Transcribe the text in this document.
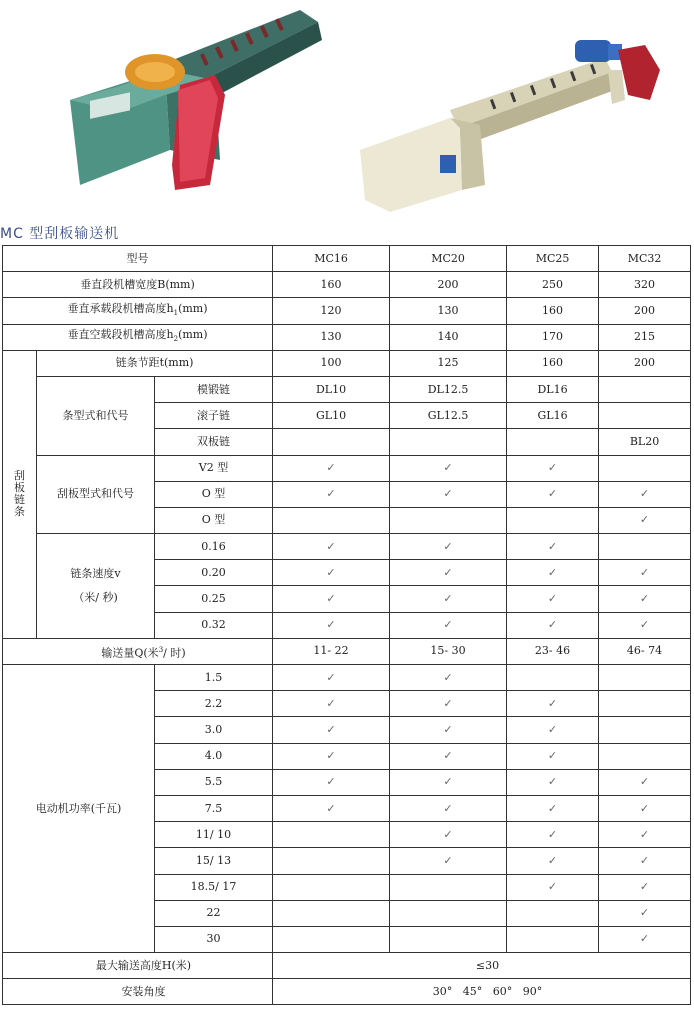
MC 型刮板输送机
型号			MC16	MC20	MC25	MC32
垂直段机槽宽度B(mm)			160	200	250	320
垂直承载段机槽高度$h_1(mm)$			120	130	160	200
垂直空载段机槽高度$h_2(mm)$			130	140	170	215
刮
板
链
条	链条节距t(mm)		100	125	160	200
	条型式和代号	模锻链	DL10	DL12.5	DL16	
		滚子链	GL10	GL12.5	GL16	
		双板链				BL20
	刮板型式和代号	V2 型	✓	✓	✓	
		O 型	✓	✓	✓	✓
		O 型				✓
	链条速度v

（米/ 秒)	0.16	✓	✓	✓	
		0.20	✓	✓	✓	✓
		0.25	✓	✓	✓	✓
		0.32	✓	✓	✓	✓
输送量Q(米$^3$/ 时)			11- 22	15- 30	23- 46	46- 74
电动机功率(千瓦)		1.5	✓	✓		
		2.2	✓	✓	✓	
		3.0	✓	✓	✓	
		4.0	✓	✓	✓	
		5.5	✓	✓	✓	✓
		7.5	✓	✓	✓	✓
		11/ 10		✓	✓	✓
		15/ 13		✓	✓	✓
		18.5/ 17			✓	✓
		22				✓
		30				✓
最大输送高度H(米)			≤30			
安装角度			30°   45°   60°   90°			
